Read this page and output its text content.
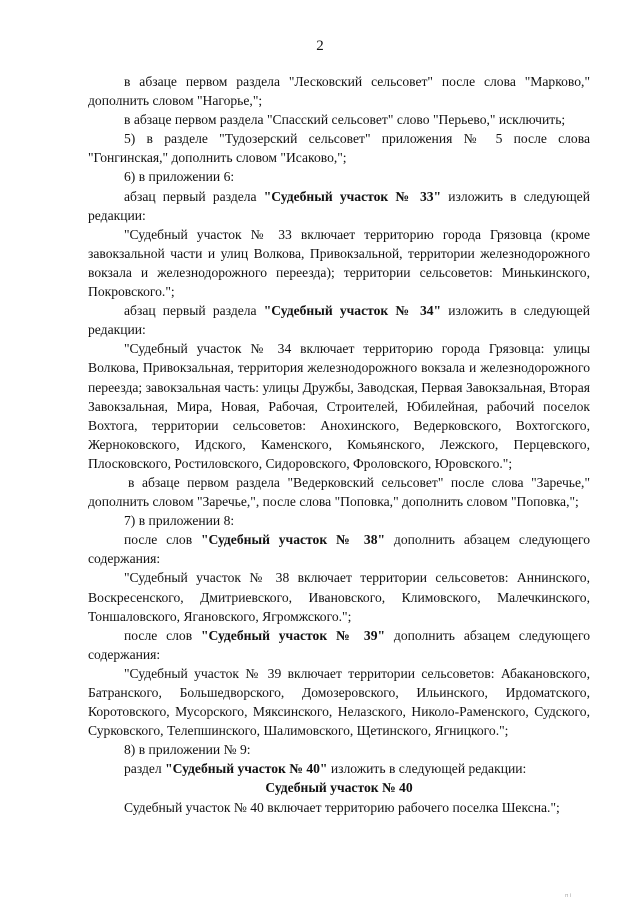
2

в абзаце первом раздела "Лесковский сельсовет" после слова "Марково," дополнить словом "Нагорье,";

в абзаце первом раздела "Спасский сельсовет" слово "Перьево," исключить;

5) в разделе "Тудозерский сельсовет" приложения № 5 после слова "Гонгинская," дополнить словом "Исаково,";

6) в приложении 6:

абзац первый раздела "Судебный участок № 33" изложить в следующей редакции:

"Судебный участок № 33 включает территорию города Грязовца (кроме завокзальной части и улиц Волкова, Привокзальной, территории железнодорожного вокзала и железнодорожного переезда); территории сельсоветов: Минькинского, Покровского.";

абзац первый раздела "Судебный участок № 34" изложить в следующей редакции:

"Судебный участок № 34 включает территорию города Грязовца: улицы Волкова, Привокзальная, территория железнодорожного вокзала и железнодорожного переезда; завокзальная часть: улицы Дружбы, Заводская, Первая Завокзальная, Вторая Завокзальная, Мира, Новая, Рабочая, Строителей, Юбилейная, рабочий поселок Вохтога, территории сельсоветов: Анохинского, Ведерковского, Вохтогского, Жерноковского, Идского, Каменского, Комьянского, Лежского, Перцевского, Плосковского, Ростиловского, Сидоровского, Фроловского, Юровского.";

в абзаце первом раздела "Ведерковский сельсовет" после слова "Заречье," дополнить словом "Заречье,", после слова "Поповка," дополнить словом "Поповка,";

7) в приложении 8:

после слов "Судебный участок № 38" дополнить абзацем следующего содержания:

"Судебный участок № 38 включает территории сельсоветов: Аннинского, Воскресенского, Дмитриевского, Ивановского, Климовского, Малечкинского, Тоншаловского, Ягановского, Ягромжского.";

после слов "Судебный участок № 39" дополнить абзацем следующего содержания:

"Судебный участок № 39 включает территории сельсоветов: Абакановского, Батранского, Большедворского, Домозеровского, Ильинского, Ирдоматского, Коротовского, Мусорского, Мяксинского, Нелазского, Николо-Раменского, Судского, Сурковского, Телепшинского, Шалимовского, Щетинского, Ягницкого.";

8) в приложении № 9:

раздел "Судебный участок № 40" изложить в следующей редакции:

Судебный участок № 40

Судебный участок № 40 включает территорию рабочего поселка Шексна.";

п і
